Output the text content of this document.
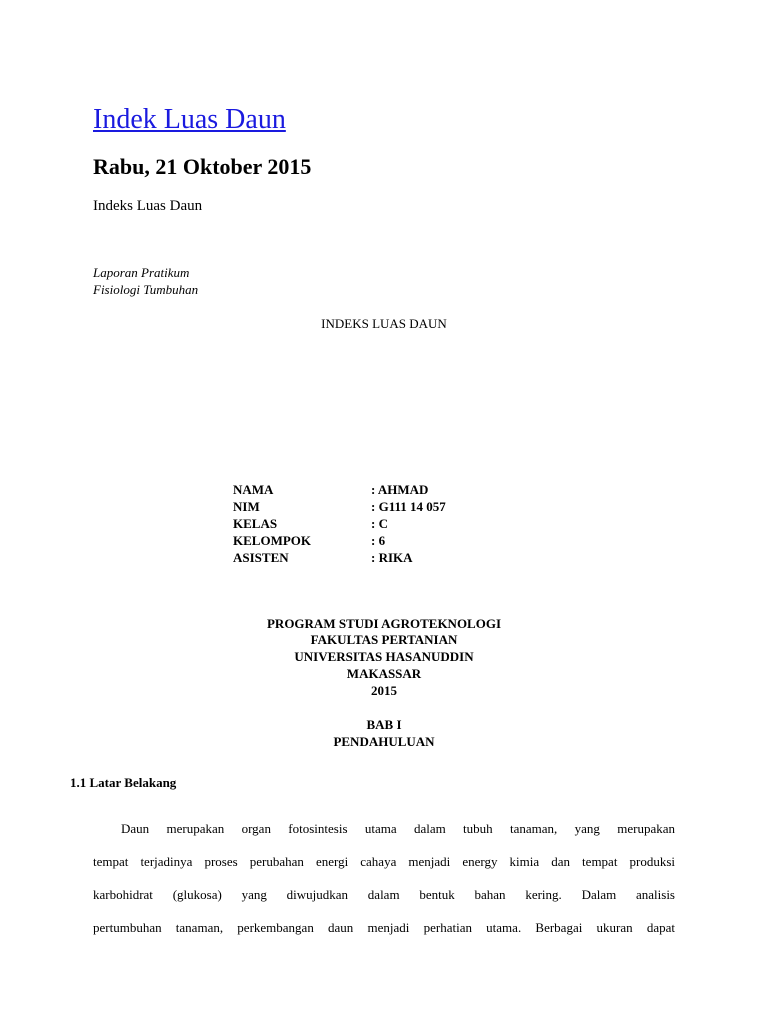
Indek Luas Daun
Rabu, 21 Oktober 2015
Indeks Luas Daun
Laporan Pratikum
Fisiologi Tumbuhan
INDEKS LUAS DAUN
NAMA	: AHMAD
NIM	: G111 14 057
KELAS	: C
KELOMPOK	: 6
ASISTEN	: RIKA
PROGRAM STUDI AGROTEKNOLOGI
FAKULTAS PERTANIAN
UNIVERSITAS HASANUDDIN
MAKASSAR
2015
BAB I
PENDAHULUAN
1.1 Latar Belakang
Daun merupakan organ fotosintesis utama dalam tubuh tanaman, yang merupakan
tempat terjadinya proses perubahan energi cahaya menjadi energy kimia dan tempat produksi
karbohidrat (glukosa) yang diwujudkan dalam bentuk bahan kering. Dalam analisis
pertumbuhan tanaman, perkembangan daun menjadi perhatian utama. Berbagai ukuran dapat
